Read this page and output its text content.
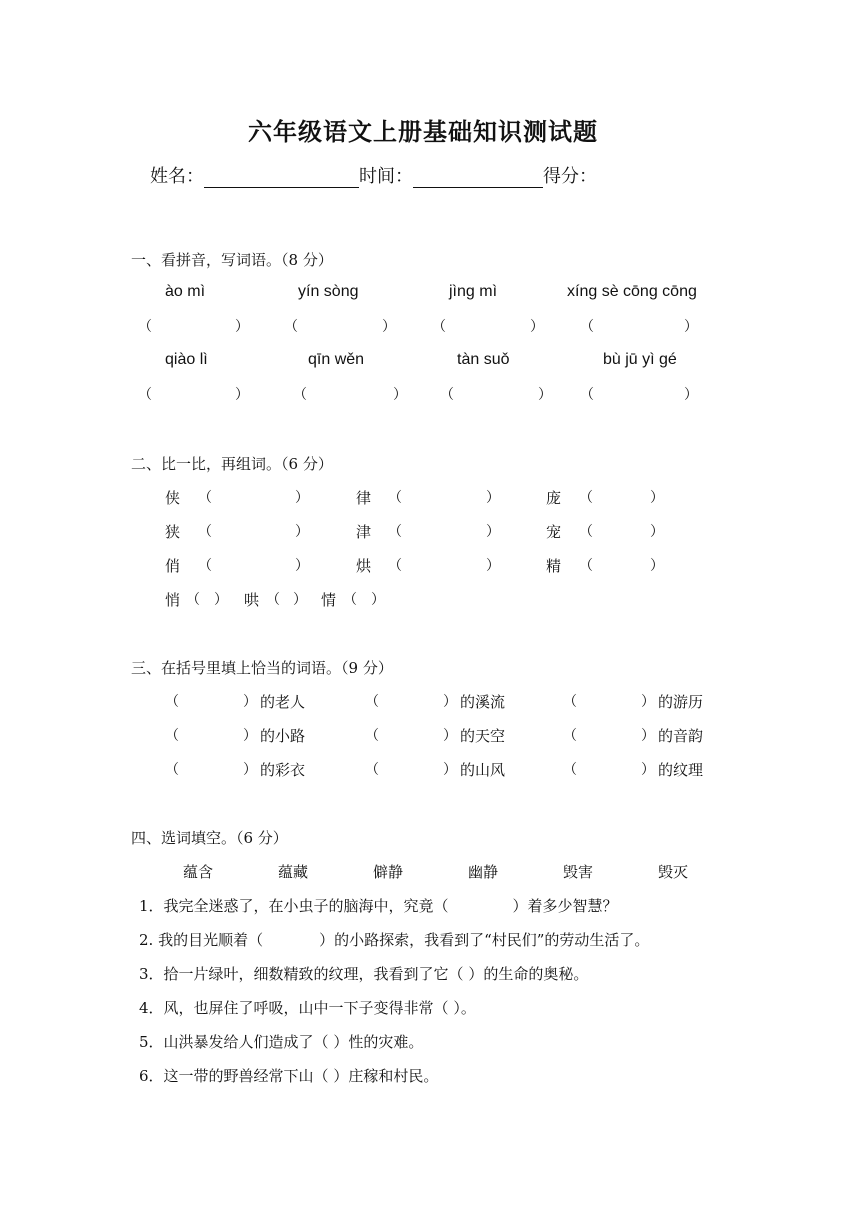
六年级语文上册基础知识测试题
姓名：	时间：	得分：
一、看拼音，写词语。（8 分）
ào mì	yín sòng	jìng mì	xíng sè cōng cōng
（	）	（	）	（	）	（	）
qiào lì	qīn wěn	tàn suǒ	bù jū yì gé
（	）	（	） （	） （	）
二、比一比，再组词。（6 分）
侠 （	）	律 （	）	庞 （	）
狭 （	）	津 （	）	宠 （	）
俏 （	）	烘 （	）	精 （	）
悄 （ ） 哄 （ ） 情 （ ）
三、在括号里填上恰当的词语。（9 分）
（	） 的老人	（	） 的溪流	（	） 的游历
（	） 的小路	（	） 的天空	（	） 的音韵
（	） 的彩衣	（	） 的山风	（	） 的纹理
四、选词填空。（6 分）
蕴含	蕴藏	僻静	幽静	毁害	毁灭
1．我完全迷惑了，在小虫子的脑海中，究竟（	）着多少智慧？
2. 我的目光顺着（	）的小路探索，我看到了“村民们”的劳动生活了。
3．拾一片绿叶，细数精致的纹理，我看到了它（ ）的生命的奥秘。
4．风，也屏住了呼吸，山中一下子变得非常（ ）。
5．山洪暴发给人们造成了（ ）性的灾难。
6．这一带的野兽经常下山（ ）庄稼和村民。
